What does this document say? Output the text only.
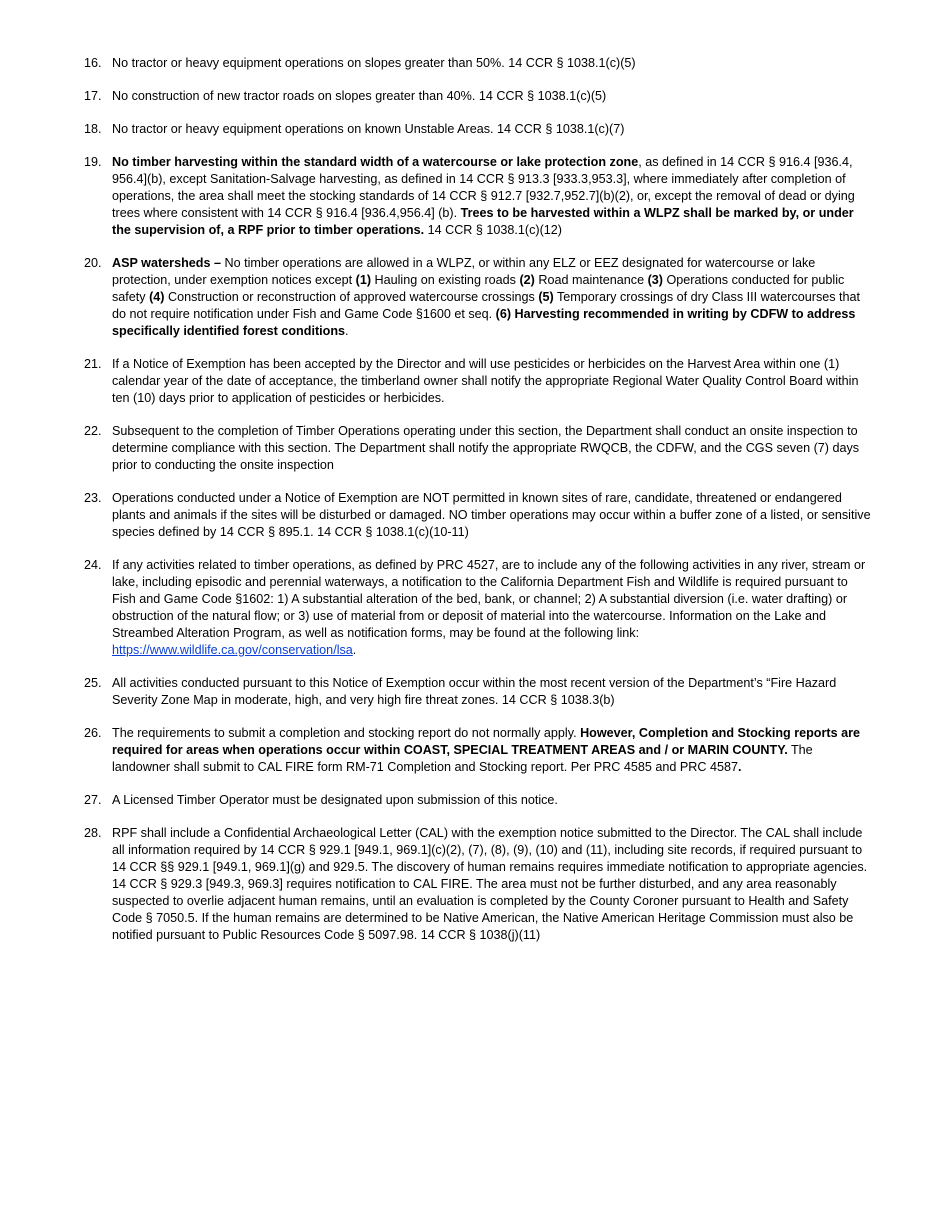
16. No tractor or heavy equipment operations on slopes greater than 50%. 14 CCR § 1038.1(c)(5)
17. No construction of new tractor roads on slopes greater than 40%. 14 CCR § 1038.1(c)(5)
18. No tractor or heavy equipment operations on known Unstable Areas. 14 CCR § 1038.1(c)(7)
19. No timber harvesting within the standard width of a watercourse or lake protection zone, as defined in 14 CCR § 916.4 [936.4, 956.4](b), except Sanitation-Salvage harvesting, as defined in 14 CCR § 913.3 [933.3,953.3], where immediately after completion of operations, the area shall meet the stocking standards of 14 CCR § 912.7 [932.7,952.7](b)(2), or, except the removal of dead or dying trees where consistent with 14 CCR § 916.4 [936.4,956.4] (b). Trees to be harvested within a WLPZ shall be marked by, or under the supervision of, a RPF prior to timber operations. 14 CCR § 1038.1(c)(12)
20. ASP watersheds – No timber operations are allowed in a WLPZ, or within any ELZ or EEZ designated for watercourse or lake protection, under exemption notices except (1) Hauling on existing roads (2) Road maintenance (3) Operations conducted for public safety (4) Construction or reconstruction of approved watercourse crossings (5) Temporary crossings of dry Class III watercourses that do not require notification under Fish and Game Code §1600 et seq. (6) Harvesting recommended in writing by CDFW to address specifically identified forest conditions.
21. If a Notice of Exemption has been accepted by the Director and will use pesticides or herbicides on the Harvest Area within one (1) calendar year of the date of acceptance, the timberland owner shall notify the appropriate Regional Water Quality Control Board within ten (10) days prior to application of pesticides or herbicides.
22. Subsequent to the completion of Timber Operations operating under this section, the Department shall conduct an onsite inspection to determine compliance with this section. The Department shall notify the appropriate RWQCB, the CDFW, and the CGS seven (7) days prior to conducting the onsite inspection
23. Operations conducted under a Notice of Exemption are NOT permitted in known sites of rare, candidate, threatened or endangered plants and animals if the sites will be disturbed or damaged. NO timber operations may occur within a buffer zone of a listed, or sensitive species defined by 14 CCR § 895.1. 14 CCR § 1038.1(c)(10-11)
24. If any activities related to timber operations, as defined by PRC 4527, are to include any of the following activities in any river, stream or lake, including episodic and perennial waterways, a notification to the California Department Fish and Wildlife is required pursuant to Fish and Game Code §1602: 1) A substantial alteration of the bed, bank, or channel; 2) A substantial diversion (i.e. water drafting) or obstruction of the natural flow; or 3) use of material from or deposit of material into the watercourse. Information on the Lake and Streambed Alteration Program, as well as notification forms, may be found at the following link: https://www.wildlife.ca.gov/conservation/lsa.
25. All activities conducted pursuant to this Notice of Exemption occur within the most recent version of the Department’s “Fire Hazard Severity Zone Map in moderate, high, and very high fire threat zones. 14 CCR § 1038.3(b)
26. The requirements to submit a completion and stocking report do not normally apply. However, Completion and Stocking reports are required for areas when operations occur within COAST, SPECIAL TREATMENT AREAS and / or MARIN COUNTY. The landowner shall submit to CAL FIRE form RM-71 Completion and Stocking report. Per PRC 4585 and PRC 4587.
27. A Licensed Timber Operator must be designated upon submission of this notice.
28. RPF shall include a Confidential Archaeological Letter (CAL) with the exemption notice submitted to the Director. The CAL shall include all information required by 14 CCR § 929.1 [949.1, 969.1](c)(2), (7), (8), (9), (10) and (11), including site records, if required pursuant to 14 CCR §§ 929.1 [949.1, 969.1](g) and 929.5. The discovery of human remains requires immediate notification to appropriate agencies. 14 CCR § 929.3 [949.3, 969.3] requires notification to CAL FIRE. The area must not be further disturbed, and any area reasonably suspected to overlie adjacent human remains, until an evaluation is completed by the County Coroner pursuant to Health and Safety Code § 7050.5. If the human remains are determined to be Native American, the Native American Heritage Commission must also be notified pursuant to Public Resources Code § 5097.98. 14 CCR § 1038(j)(11)
